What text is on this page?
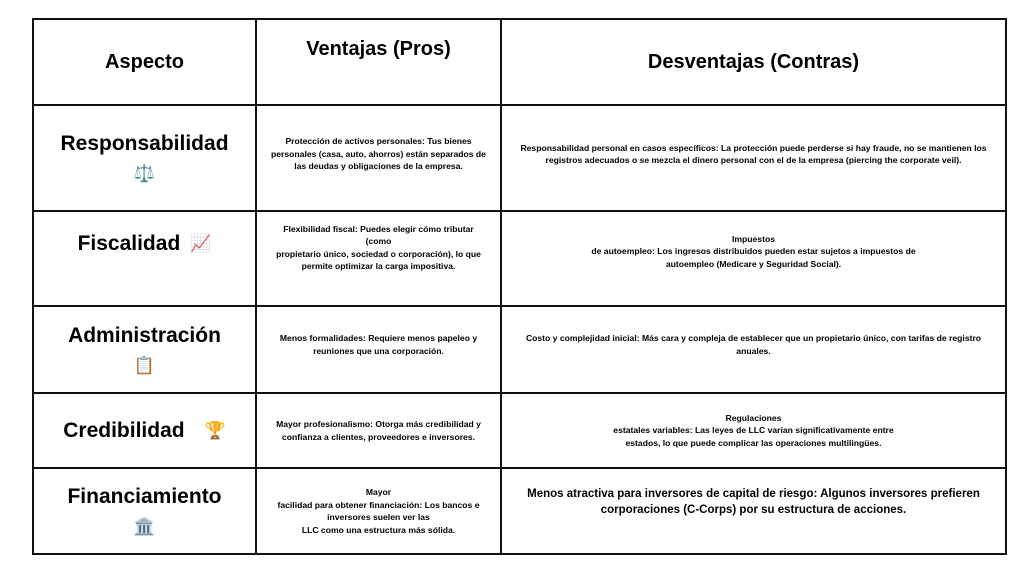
Aspecto
Ventajas (Pros)
Desventajas (Contras)
Responsabilidad
⚖️
Protección de activos personales: Tus bienes
personales (casa, auto, ahorros) están separados de
las deudas y obligaciones de la empresa.
Responsabilidad personal en casos específicos: La protección puede perderse si hay fraude, no se mantienen los
registros adecuados o se mezcla el dinero personal con el de la empresa (piercing the corporate veil).
Fiscalidad 📈
Flexibilidad fiscal: Puedes elegir cómo tributar (como
propietario único, sociedad o corporación), lo que
permite optimizar la carga impositiva.
Impuestos
de autoempleo: Los ingresos distribuidos pueden estar sujetos a impuestos de
autoempleo (Medicare y Seguridad Social).
Administración
📋
Menos formalidades: Requiere menos papeleo y
reuniones que una corporación.
Costo y complejidad inicial: Más cara y compleja de establecer que un propietario único, con tarifas de registro
anuales.
Credibilidad 🏆	Mayor profesionalismo: Otorga más credibilidad y
confianza a clientes, proveedores e inversores.
Regulaciones
estatales variables: Las leyes de LLC varían significativamente entre
estados, lo que puede complicar las operaciones multilingües.
Financiamiento
🏛️
Mayor
facilidad para obtener financiación: Los bancos e
inversores suelen ver las
LLC como una estructura más sólida.
Menos atractiva para inversores de capital de riesgo: Algunos inversores prefieren
corporaciones (C-Corps) por su estructura de acciones.
